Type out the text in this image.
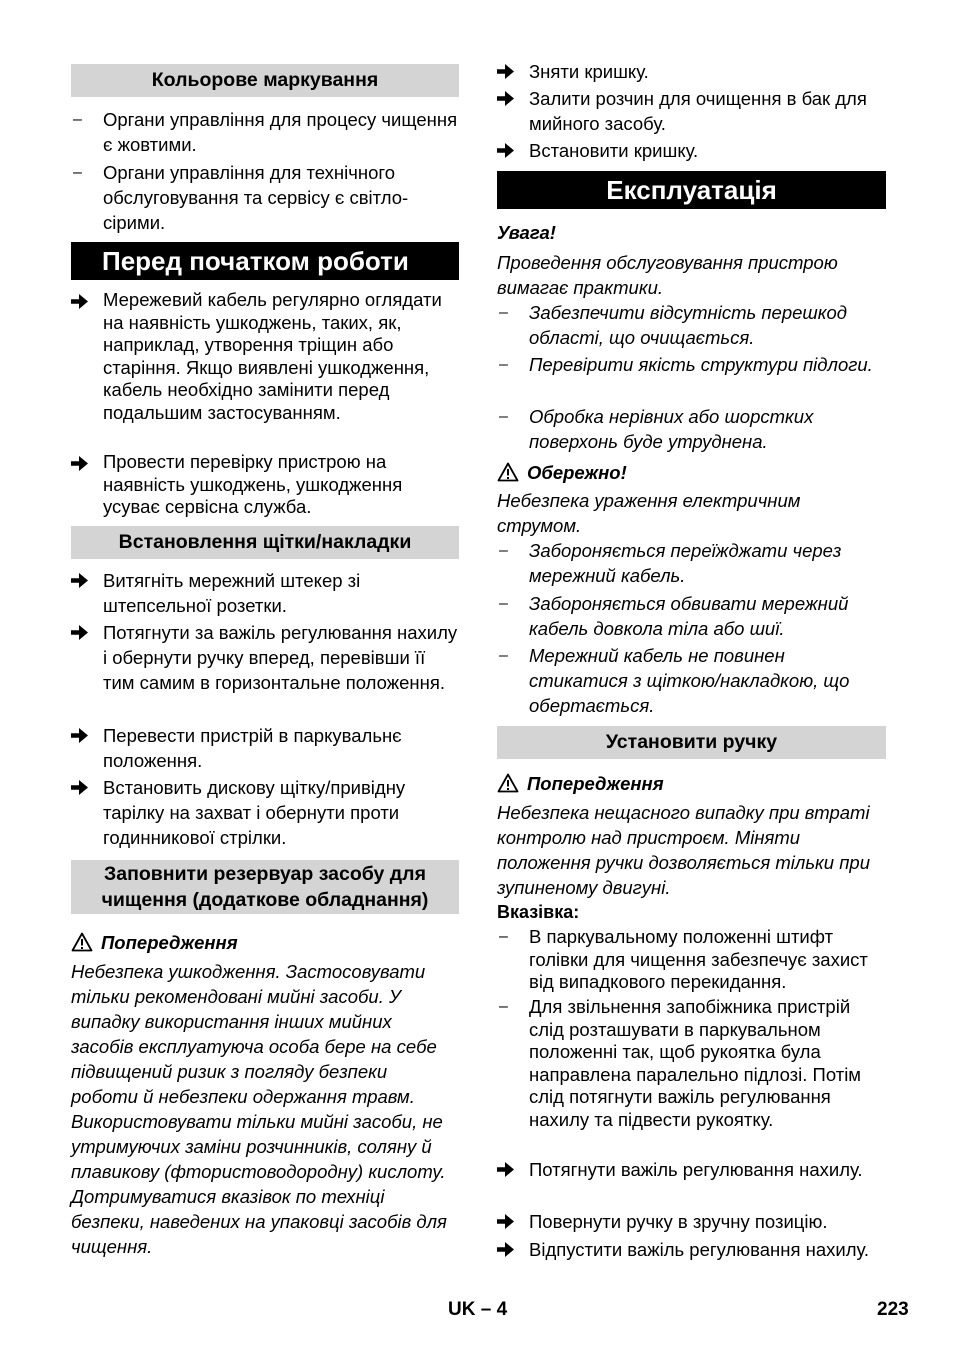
Кольорове маркування
–	Органи управління для процесу чищення є жовтими.
–	Органи управління для технічного обслуговування та сервісу є світло-сірими.
Перед початком роботи
Мережевий кабель регулярно оглядати на наявність ушкоджень, таких, як, наприклад, утворення тріщин або старіння. Якщо виявлені ушкодження, кабель необхідно замінити перед подальшим застосуванням.
Провести перевірку пристрою на наявність ушкоджень, ушкодження усуває сервісна служба.
Встановлення щітки/накладки
Витягніть мережний штекер зі штепсельної розетки.
Потягнути за важіль регулювання нахилу і обернути ручку вперед, перевівши її тим самим в горизонтальне положення.
Перевести пристрій в паркувальнє положення.
Встановить дискову щітку/привідну тарілку на захват і обернути проти годинникової стрілки.
Заповнити резервуар засобу для чищення (додаткове обладнання)
Попередження
Небезпека ушкодження. Застосовувати тільки рекомендовані мийні засоби. У випадку використання інших мийних засобів експлуатуюча особа бере на себе підвищений ризик з погляду безпеки роботи й небезпеки одержання травм. Використовувати тільки мийні засоби, не утримуючих заміни розчинників, соляну й плавикову (фтористоводородну) кислоту. Дотримуватися вказівок по техніці безпеки, наведених на упаковці засобів для чищення.
Зняти кришку.
Залити розчин для очищення в бак для мийного засобу.
Встановити кришку.
Експлуатація
Увага!
Проведення обслуговування пристрою вимагає практики.
–	Забезпечити відсутність перешкод області, що очищається.
–	Перевірити якість структури підлоги.
–	Обробка нерівних або шорстких поверхонь буде утруднена.
Обережно!
Небезпека ураження електричним струмом.
–	Забороняється переїжджати через мережний кабель.
–	Забороняється обвивати мережний кабель довкола тіла або шиї.
–	Мережний кабель не повинен стикатися з щіткою/накладкою, що обертається.
Установити ручку
Попередження
Небезпека нещасного випадку при втраті контролю над пристроєм. Міняти положення ручки дозволяється тільки при зупиненому двигуні.
Вказівка:
–	В паркувальному положенні штифт голівки для чищення забезпечує захист від випадкового перекидання.
–	Для звільнення запобіжника пристрій слід розташувати в паркувальном положенні так, щоб рукоятка була направлена паралельно підлозі. Потім слід потягнути важіль регулювання нахилу та підвести рукоятку.
Потягнути важіль регулювання нахилу.
Повернути ручку в зручну позицію.
Відпустити важіль регулювання нахилу.
UK – 4	223
